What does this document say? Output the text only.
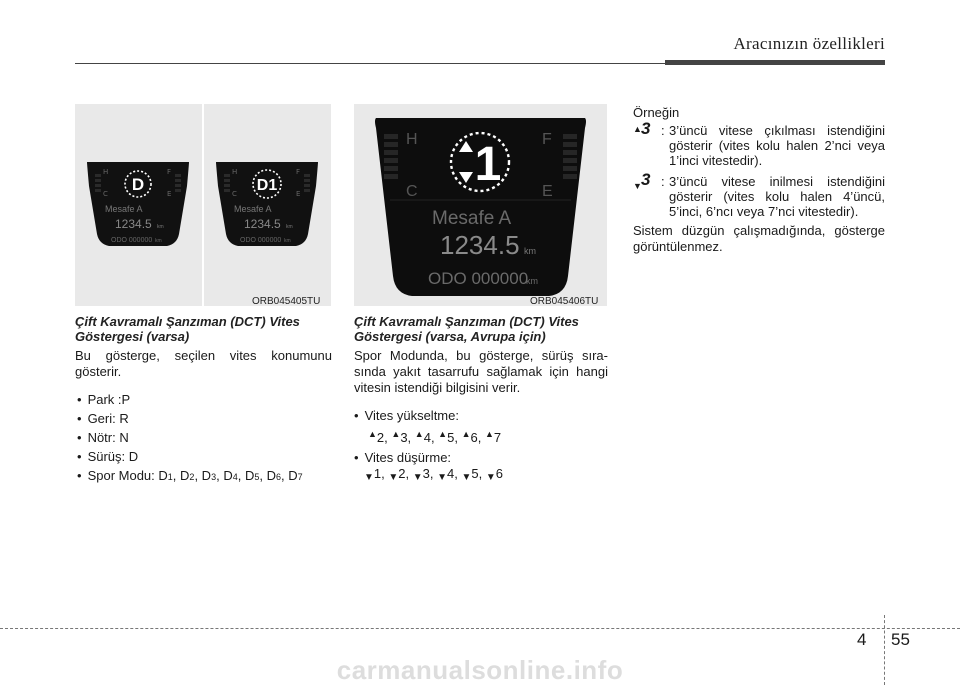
Aracınızın özellikleri
H
C
F
E
D
Mesafe A
1234.5 km
ODO 000000 km
H
C
F
E
D1
Mesafe A
1234.5 km
ODO 000000 km
ORB045405TU
H
C
F
E
1
Mesafe A
1234.5 km
ODO 000000
km
ORB045406TU
Çift Kavramalı Şanzıman (DCT) Vites Göstergesi (varsa)
Bu gösterge, seçilen vites konumunu gösterir.
• Park :P
• Geri: R
• Nötr: N
• Sürüş: D
• Spor Modu: D1, D2, D3, D4, D5, D6, D7
Çift Kavramalı Şanzıman (DCT) Vites Göstergesi (varsa, Avrupa için)
Spor Modunda, bu gösterge, sürüş sıra-sında yakıt tasarrufu sağlamak için hangi vitesin istendiği bilgisini verir.
• Vites yükseltme:
▲2, ▲3, ▲4, ▲5, ▲6, ▲7
• Vites düşürme:
▼1, ▼2, ▼3, ▼4, ▼5, ▼6
Örneğin
▲ 3 : 3’üncü vitese çıkılması istendiğini gösterir (vites kolu halen 2’nci veya 1’inci vitestedir).
▼ 3 : 3’üncü vitese inilmesi istendiğini gösterir (vites kolu halen 4’üncü, 5’inci, 6’ncı veya 7’nci vitestedir).
Sistem düzgün çalışmadığında, gösterge görüntülenmez.
4 55
carmanualsonline.info
